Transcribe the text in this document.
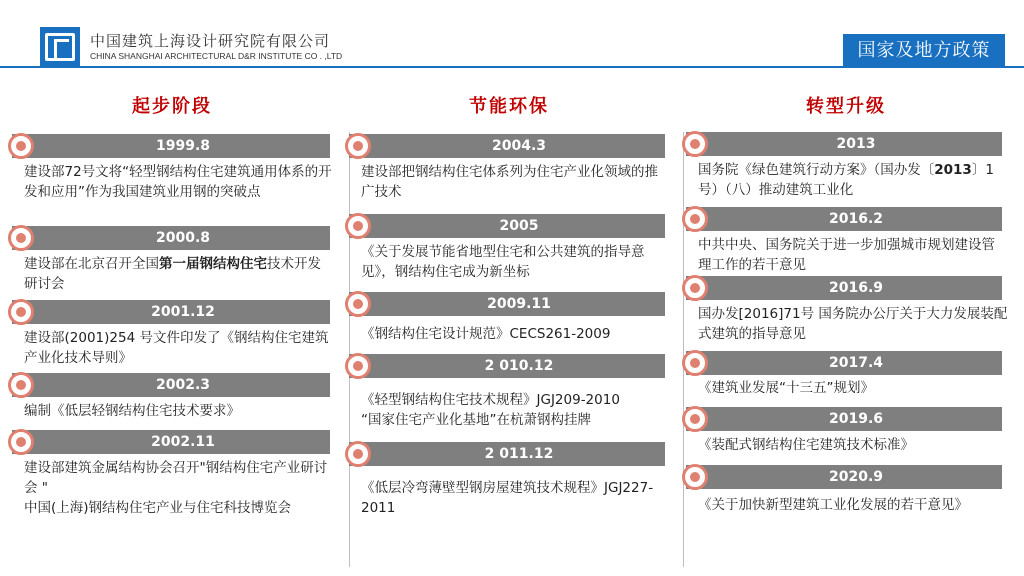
中国建筑上海设计研究院有限公司
CHINA SHANGHAI ARCHITECTURAL D&R INSTITUTE CO . ,LTD	国家及地方政策
起步阶段
1999.8
建设部72号文将“轻型钢结构住宅建筑通用体系的开发和应用”作为我国建筑业用钢的突破点
2000.8
建设部在北京召开全国第一届钢结构住宅技术开发研讨会
2001.12
建设部(2001)254 号文件印发了《钢结构住宅建筑产业化技术导则》
2002.3
编制《低层轻钢结构住宅技术要求》
2002.11
建设部建筑金属结构协会召开"钢结构住宅产业研讨会 "
中国(上海)钢结构住宅产业与住宅科技博览会
节能环保
2004.3
建设部把钢结构住宅体系列为住宅产业化领域的推广技术
2005
《关于发展节能省地型住宅和公共建筑的指导意见》，钢结构住宅成为新坐标
2009.11
《钢结构住宅设计规范》CECS261-2009
2 010.12
《轻型钢结构住宅技术规程》JGJ209-2010
“国家住宅产业化基地”在杭萧钢构挂牌
2 011.12
《低层冷弯薄壁型钢房屋建筑技术规程》JGJ227-2011
转型升级
2013
国务院《绿色建筑行动方案》（国办发〔2013〕1 号）（八）推动建筑工业化
2016.2
中共中央、国务院关于进一步加强城市规划建设管理工作的若干意见
2016.9
国办发[2016]71号 国务院办公厅关于大力发展装配式建筑的指导意见
2017.4
《建筑业发展“十三五”规划》
2019.6
《装配式钢结构住宅建筑技术标准》
2020.9
《关于加快新型建筑工业化发展的若干意见》
